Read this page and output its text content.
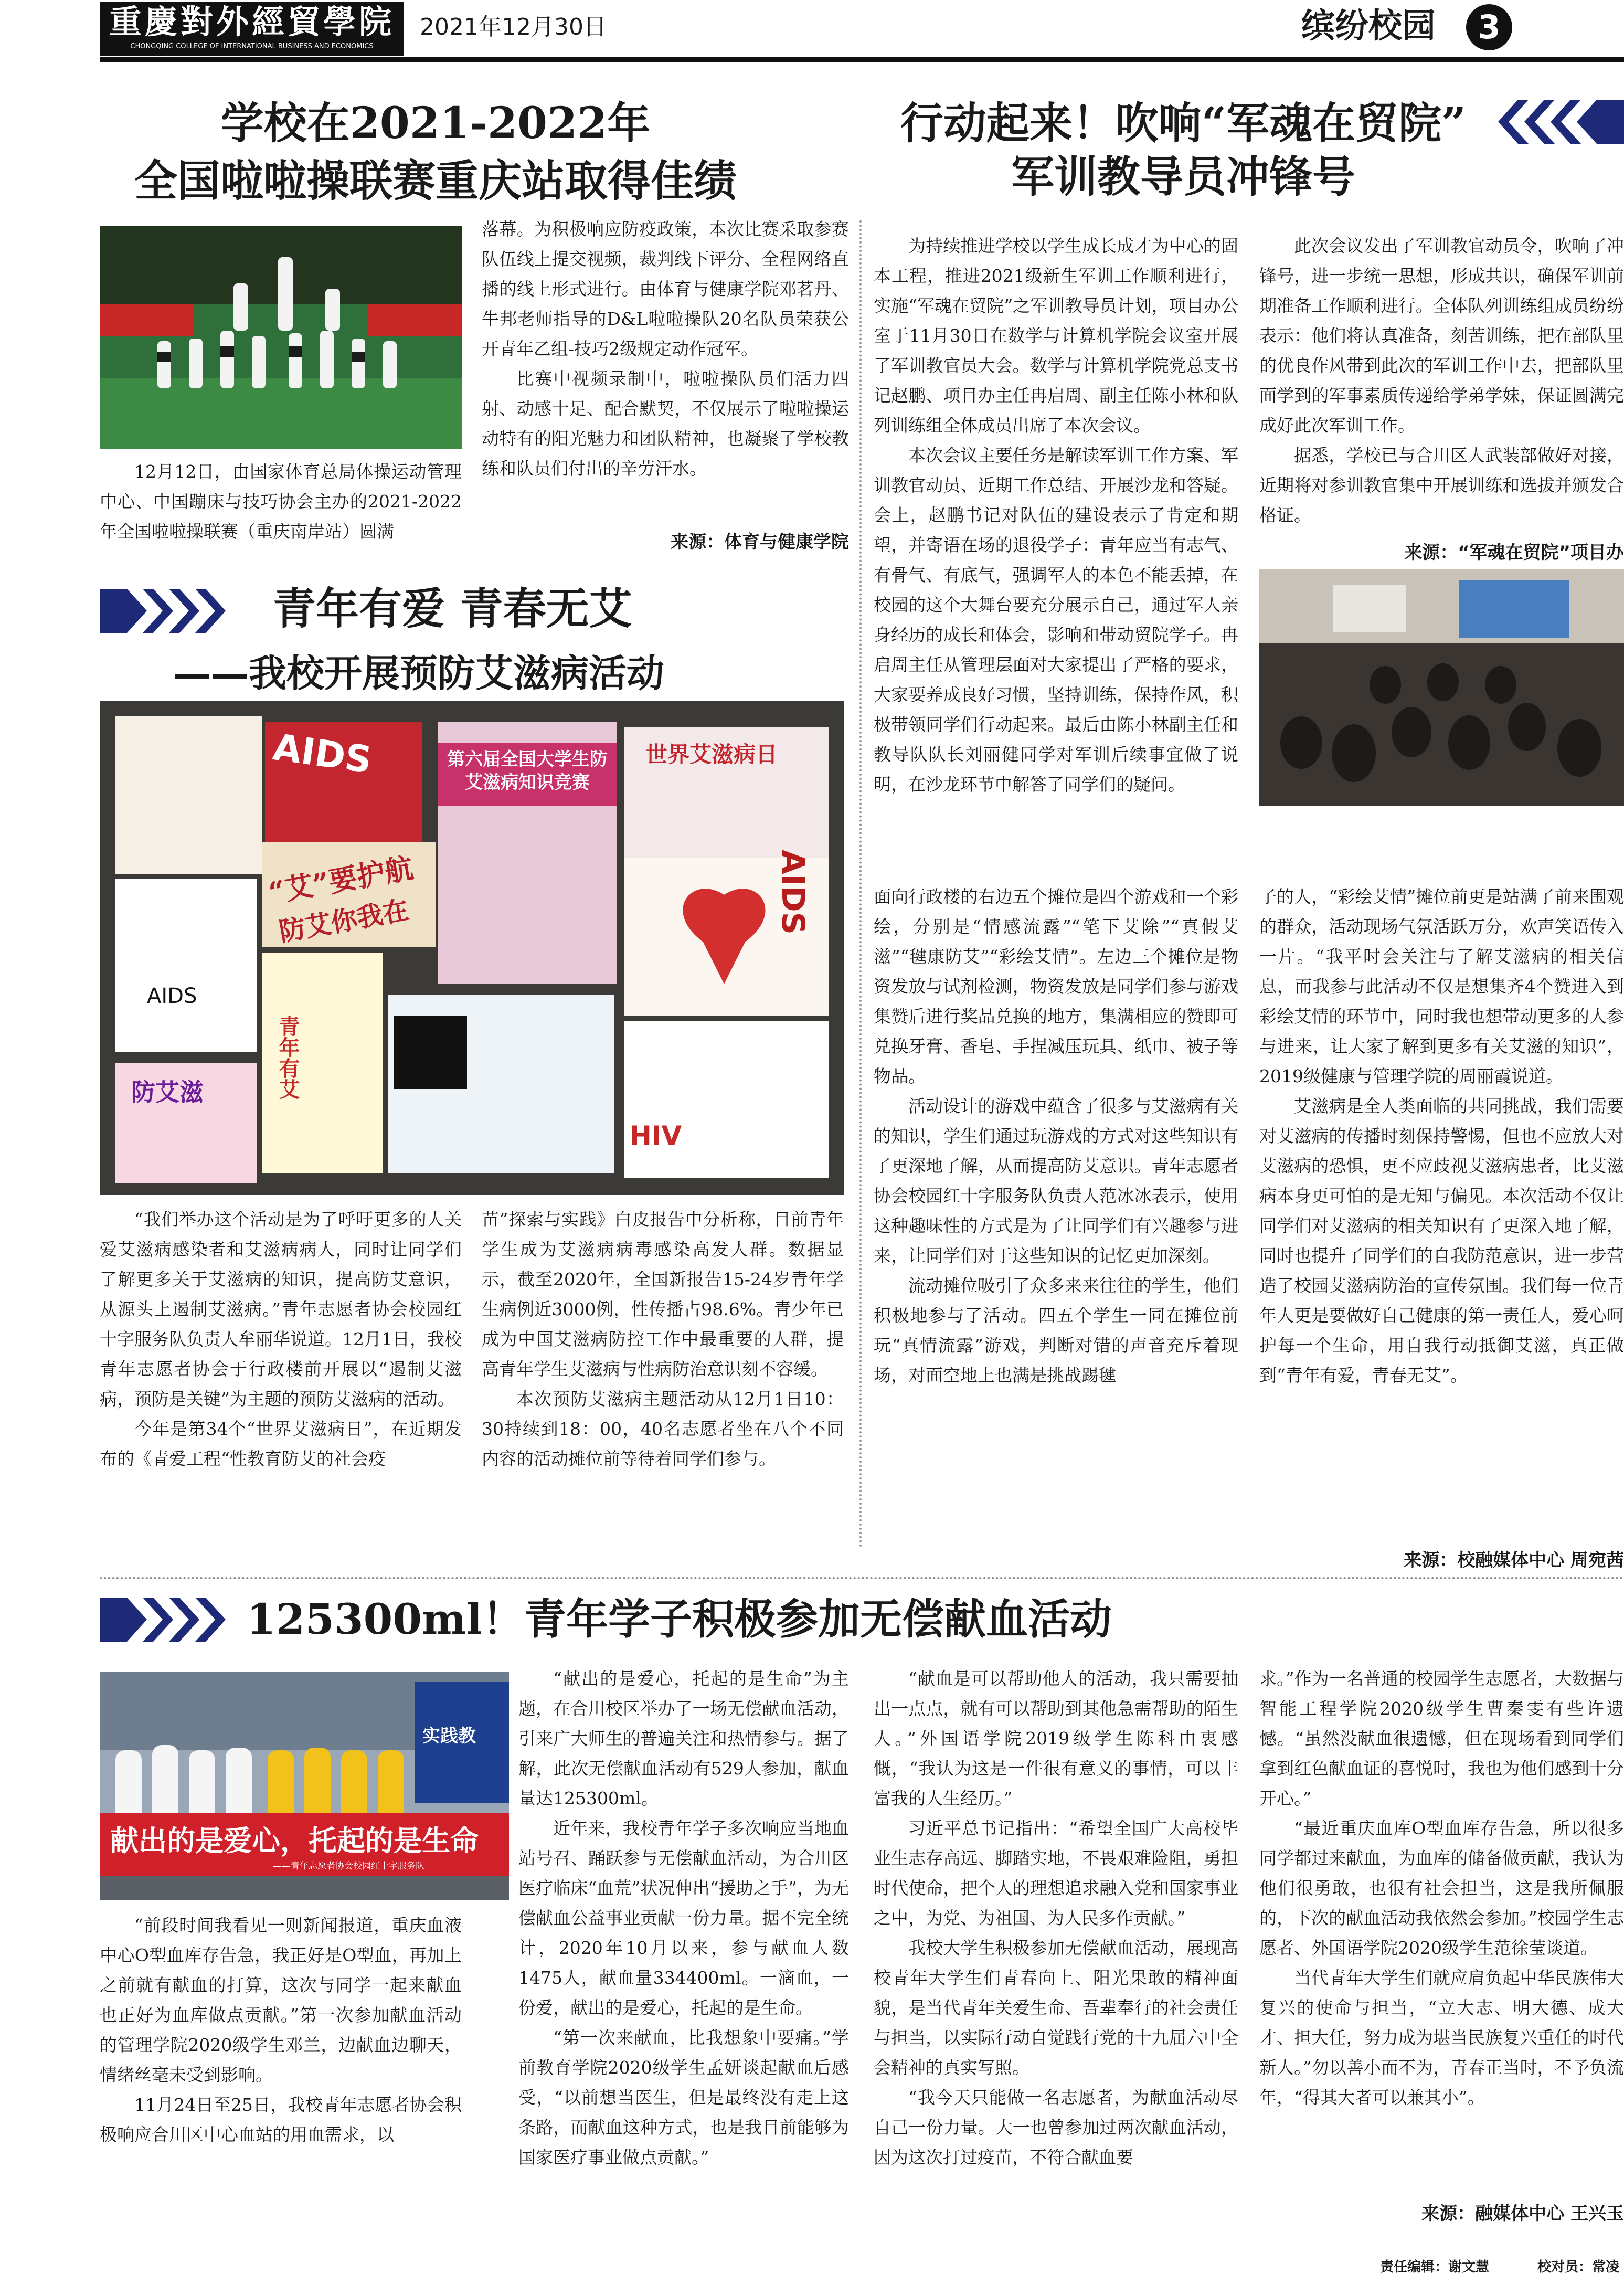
重慶對外經貿學院
CHONGQING COLLEGE OF INTERNATIONAL BUSINESS AND ECONOMICS
2021年12月30日	缤纷校园	3
学校在2021-2022年
全国啦啦操联赛重庆站取得佳绩

12月12日，由国家体育总局体操运动管理中心、中国蹦床与技巧协会主办的2021-2022年全国啦啦操联赛（重庆南岸站）圆满

落幕。为积极响应防疫政策，本次比赛采取参赛队伍线上提交视频，裁判线下评分、全程网络直播的线上形式进行。由体育与健康学院邓茗丹、牛邦老师指导的D&L啦啦操队20名队员荣获公开青年乙组-技巧2级规定动作冠军。

比赛中视频录制中，啦啦操队员们活力四射、动感十足、配合默契，不仅展示了啦啦操运动特有的阳光魅力和团队精神，也凝聚了学校教练和队员们付出的辛劳汗水。

来源：体育与健康学院
行动起来！吹响“军魂在贸院”
军训教导员冲锋号

为持续推进学校以学生成长成才为中心的固本工程，推进2021级新生军训工作顺利进行，实施“军魂在贸院”之军训教导员计划，项目办公室于11月30日在数学与计算机学院会议室开展了军训教官员大会。数学与计算机学院党总支书记赵鹏、项目办主任冉启周、副主任陈小林和队列训练组全体成员出席了本次会议。

本次会议主要任务是解读军训工作方案、军训教官动员、近期工作总结、开展沙龙和答疑。会上，赵鹏书记对队伍的建设表示了肯定和期望，并寄语在场的退役学子：青年应当有志气、有骨气、有底气，强调军人的本色不能丢掉，在校园的这个大舞台要充分展示自己，通过军人亲身经历的成长和体会，影响和带动贸院学子。冉启周主任从管理层面对大家提出了严格的要求，大家要养成良好习惯，坚持训练，保持作风，积极带领同学们行动起来。最后由陈小林副主任和教导队队长刘丽健同学对军训后续事宜做了说明，在沙龙环节中解答了同学们的疑问。

此次会议发出了军训教官动员令，吹响了冲锋号，进一步统一思想，形成共识，确保军训前期准备工作顺利进行。全体队列训练组成员纷纷表示：他们将认真准备，刻苦训练，把在部队里的优良作风带到此次的军训工作中去，把部队里面学到的军事素质传递给学弟学妹，保证圆满完成好此次军训工作。

据悉，学校已与合川区人武装部做好对接，近期将对参训教官集中开展训练和选拔并颁发合格证。

来源：“军魂在贸院”项目办
青年有爱 青春无艾
——我校开展预防艾滋病活动
AIDS
“艾”要护航
防艾你我在
第六届全国大学生防艾滋病知识竞赛
世界艾滋病日
AIDS
青年有艾
防艾滋
HIV
AIDS

“我们举办这个活动是为了呼吁更多的人关爱艾滋病感染者和艾滋病病人，同时让同学们了解更多关于艾滋病的知识，提高防艾意识，从源头上遏制艾滋病。”青年志愿者协会校园红十字服务队负责人牟丽华说道。12月1日，我校青年志愿者协会于行政楼前开展以“遏制艾滋病，预防是关键”为主题的预防艾滋病的活动。

今年是第34个“世界艾滋病日”，在近期发布的《青爱工程“性教育防艾的社会疫

苗”探索与实践》白皮报告中分析称，目前青年学生成为艾滋病病毒感染高发人群。数据显示，截至2020年，全国新报告15-24岁青年学生病例近3000例，性传播占98.6%。青少年已成为中国艾滋病防控工作中最重要的人群，提高青年学生艾滋病与性病防治意识刻不容缓。

本次预防艾滋病主题活动从12月1日10：30持续到18：00，40名志愿者坐在八个不同内容的活动摊位前等待着同学们参与。

面向行政楼的右边五个摊位是四个游戏和一个彩绘，分别是“情感流露”“笔下艾除”“真假艾滋”“毽康防艾”“彩绘艾情”。左边三个摊位是物资发放与试剂检测，物资发放是同学们参与游戏集赞后进行奖品兑换的地方，集满相应的赞即可兑换牙膏、香皂、手捏减压玩具、纸巾、被子等物品。

活动设计的游戏中蕴含了很多与艾滋病有关的知识，学生们通过玩游戏的方式对这些知识有了更深地了解，从而提高防艾意识。青年志愿者协会校园红十字服务队负责人范冰冰表示，使用这种趣味性的方式是为了让同学们有兴趣参与进来，让同学们对于这些知识的记忆更加深刻。

流动摊位吸引了众多来来往往的学生，他们积极地参与了活动。四五个学生一同在摊位前玩“真情流露”游戏，判断对错的声音充斥着现场，对面空地上也满是挑战踢毽

子的人，“彩绘艾情”摊位前更是站满了前来围观的群众，活动现场气氛活跃万分，欢声笑语传入一片。“我平时会关注与了解艾滋病的相关信息，而我参与此活动不仅是想集齐4个赞进入到彩绘艾情的环节中，同时我也想带动更多的人参与进来，让大家了解到更多有关艾滋的知识”，2019级健康与管理学院的周丽霞说道。

艾滋病是全人类面临的共同挑战，我们需要对艾滋病的传播时刻保持警惕，但也不应放大对艾滋病的恐惧，更不应歧视艾滋病患者，比艾滋病本身更可怕的是无知与偏见。本次活动不仅让同学们对艾滋病的相关知识有了更深入地了解，同时也提升了同学们的自我防范意识，进一步营造了校园艾滋病防治的宣传氛围。我们每一位青年人更是要做好自己健康的第一责任人，爱心呵护每一个生命，用自我行动抵御艾滋，真正做到“青年有爱，青春无艾”。

来源：校融媒体中心 周宛茜
125300ml！青年学子积极参加无偿献血活动
献出的是爱心，托起的是生命
——青年志愿者协会校园红十字服务队
实践教

“前段时间我看见一则新闻报道，重庆血液中心O型血库存告急，我正好是O型血，再加上之前就有献血的打算，这次与同学一起来献血也正好为血库做点贡献。”第一次参加献血活动的管理学院2020级学生邓兰，边献血边聊天，情绪丝毫未受到影响。

11月24日至25日，我校青年志愿者协会积极响应合川区中心血站的用血需求，以

“献出的是爱心，托起的是生命”为主题，在合川校区举办了一场无偿献血活动，引来广大师生的普遍关注和热情参与。据了解，此次无偿献血活动有529人参加，献血量达125300ml。

近年来，我校青年学子多次响应当地血站号召、踊跃参与无偿献血活动，为合川区医疗临床“血荒”状况伸出“援助之手”，为无偿献血公益事业贡献一份力量。据不完全统计，2020年10月以来，参与献血人数1475人，献血量334400ml。一滴血，一份爱，献出的是爱心，托起的是生命。

“第一次来献血，比我想象中要痛。”学前教育学院2020级学生孟妍谈起献血后感受，“以前想当医生，但是最终没有走上这条路，而献血这种方式，也是我目前能够为国家医疗事业做点贡献。”

“献血是可以帮助他人的活动，我只需要抽出一点点，就有可以帮助到其他急需帮助的陌生人。”外国语学院2019级学生陈科由衷感慨，“我认为这是一件很有意义的事情，可以丰富我的人生经历。”

习近平总书记指出：“希望全国广大高校毕业生志存高远、脚踏实地，不畏艰难险阻，勇担时代使命，把个人的理想追求融入党和国家事业之中，为党、为祖国、为人民多作贡献。”

我校大学生积极参加无偿献血活动，展现高校青年大学生们青春向上、阳光果敢的精神面貌，是当代青年关爱生命、吾辈奉行的社会责任与担当，以实际行动自觉践行党的十九届六中全会精神的真实写照。

“我今天只能做一名志愿者，为献血活动尽自己一份力量。大一也曾参加过两次献血活动，因为这次打过疫苗，不符合献血要

求。”作为一名普通的校园学生志愿者，大数据与智能工程学院2020级学生曹秦雯有些许遗憾。“虽然没献血很遗憾，但在现场看到同学们拿到红色献血证的喜悦时，我也为他们感到十分开心。”

“最近重庆血库O型血库存告急，所以很多同学都过来献血，为血库的储备做贡献，我认为他们很勇敢，也很有社会担当，这是我所佩服的，下次的献血活动我依然会参加。”校园学生志愿者、外国语学院2020级学生范徐莹谈道。

当代青年大学生们就应肩负起中华民族伟大复兴的使命与担当，“立大志、明大德、成大才、担大任，努力成为堪当民族复兴重任的时代新人。”勿以善小而不为，青春正当时，不予负流年，“得其大者可以兼其小”。

来源：融媒体中心 王兴玉
责任编辑：谢文慧	校对员：常凌
